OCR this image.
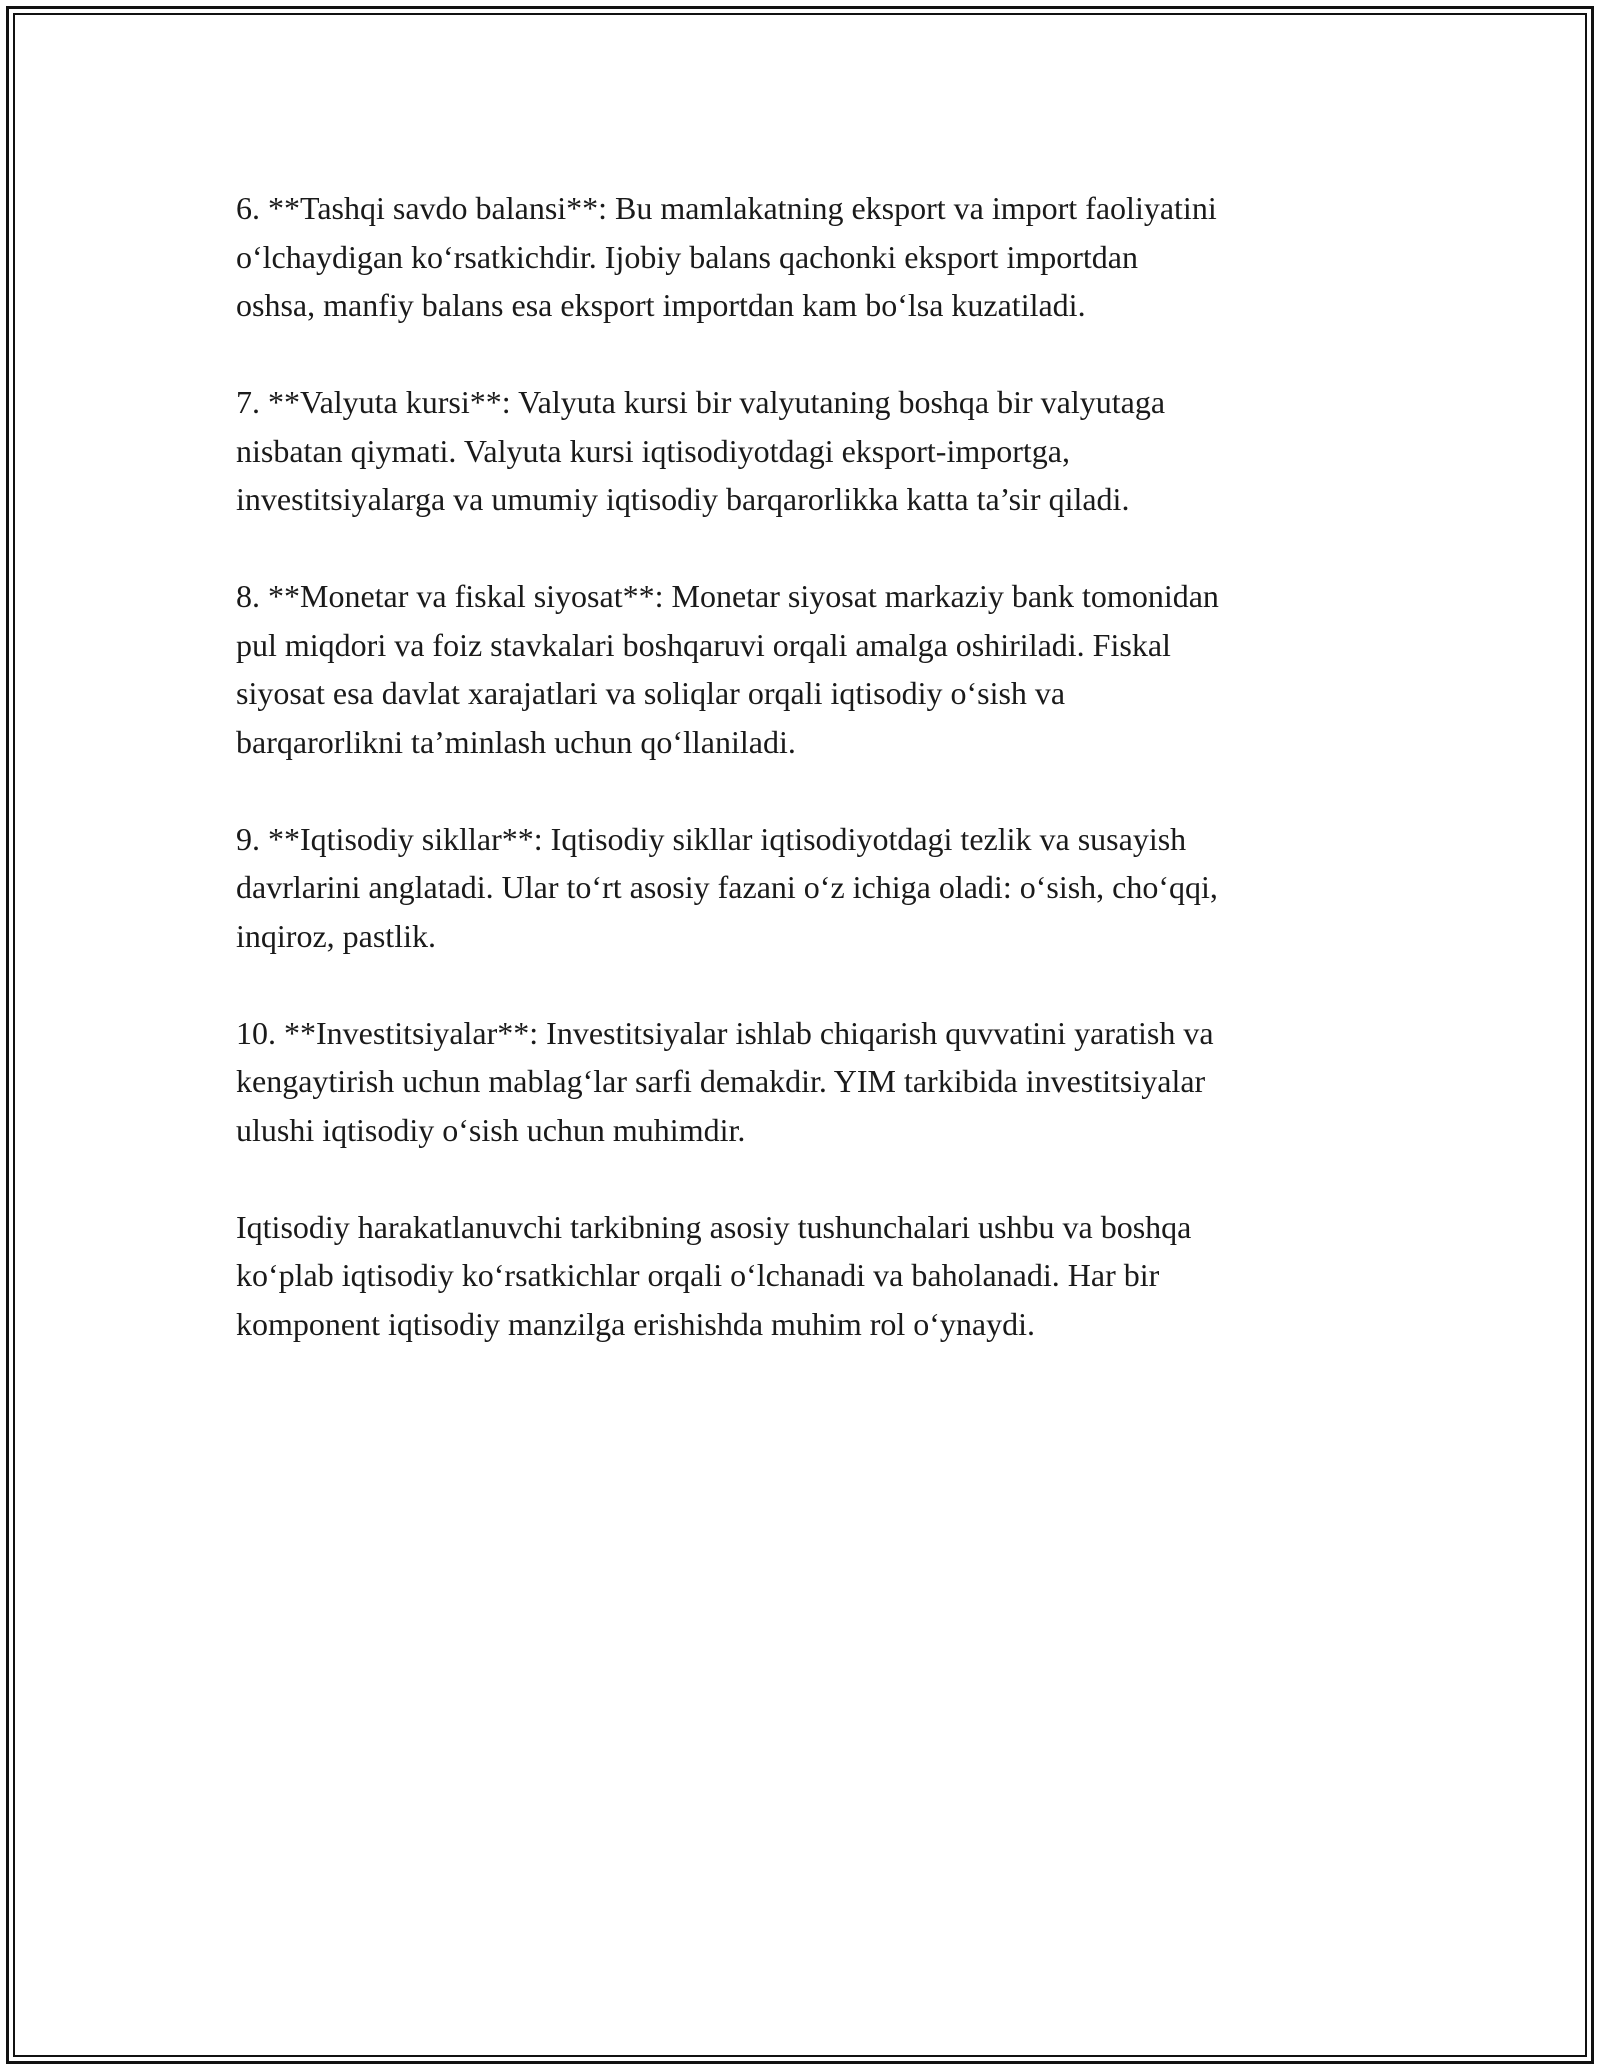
6. **Tashqi savdo balansi**: Bu mamlakatning eksport va import faoliyatini
o‘lchaydigan ko‘rsatkichdir. Ijobiy balans qachonki eksport importdan
oshsa, manfiy balans esa eksport importdan kam bo‘lsa kuzatiladi.
7. **Valyuta kursi**: Valyuta kursi bir valyutaning boshqa bir valyutaga
nisbatan qiymati. Valyuta kursi iqtisodiyotdagi eksport-importga,
investitsiyalarga va umumiy iqtisodiy barqarorlikka katta ta’sir qiladi.
8. **Monetar va fiskal siyosat**: Monetar siyosat markaziy bank tomonidan
pul miqdori va foiz stavkalari boshqaruvi orqali amalga oshiriladi. Fiskal
siyosat esa davlat xarajatlari va soliqlar orqali iqtisodiy o‘sish va
barqarorlikni ta’minlash uchun qo‘llaniladi.
9. **Iqtisodiy sikllar**: Iqtisodiy sikllar iqtisodiyotdagi tezlik va susayish
davrlarini anglatadi. Ular to‘rt asosiy fazani o‘z ichiga oladi: o‘sish, cho‘qqi,
inqiroz, pastlik.
10. **Investitsiyalar**: Investitsiyalar ishlab chiqarish quvvatini yaratish va
kengaytirish uchun mablag‘lar sarfi demakdir. YIM tarkibida investitsiyalar
ulushi iqtisodiy o‘sish uchun muhimdir.
Iqtisodiy harakatlanuvchi tarkibning asosiy tushunchalari ushbu va boshqa
ko‘plab iqtisodiy ko‘rsatkichlar orqali o‘lchanadi va baholanadi. Har bir
komponent iqtisodiy manzilga erishishda muhim rol o‘ynaydi.
